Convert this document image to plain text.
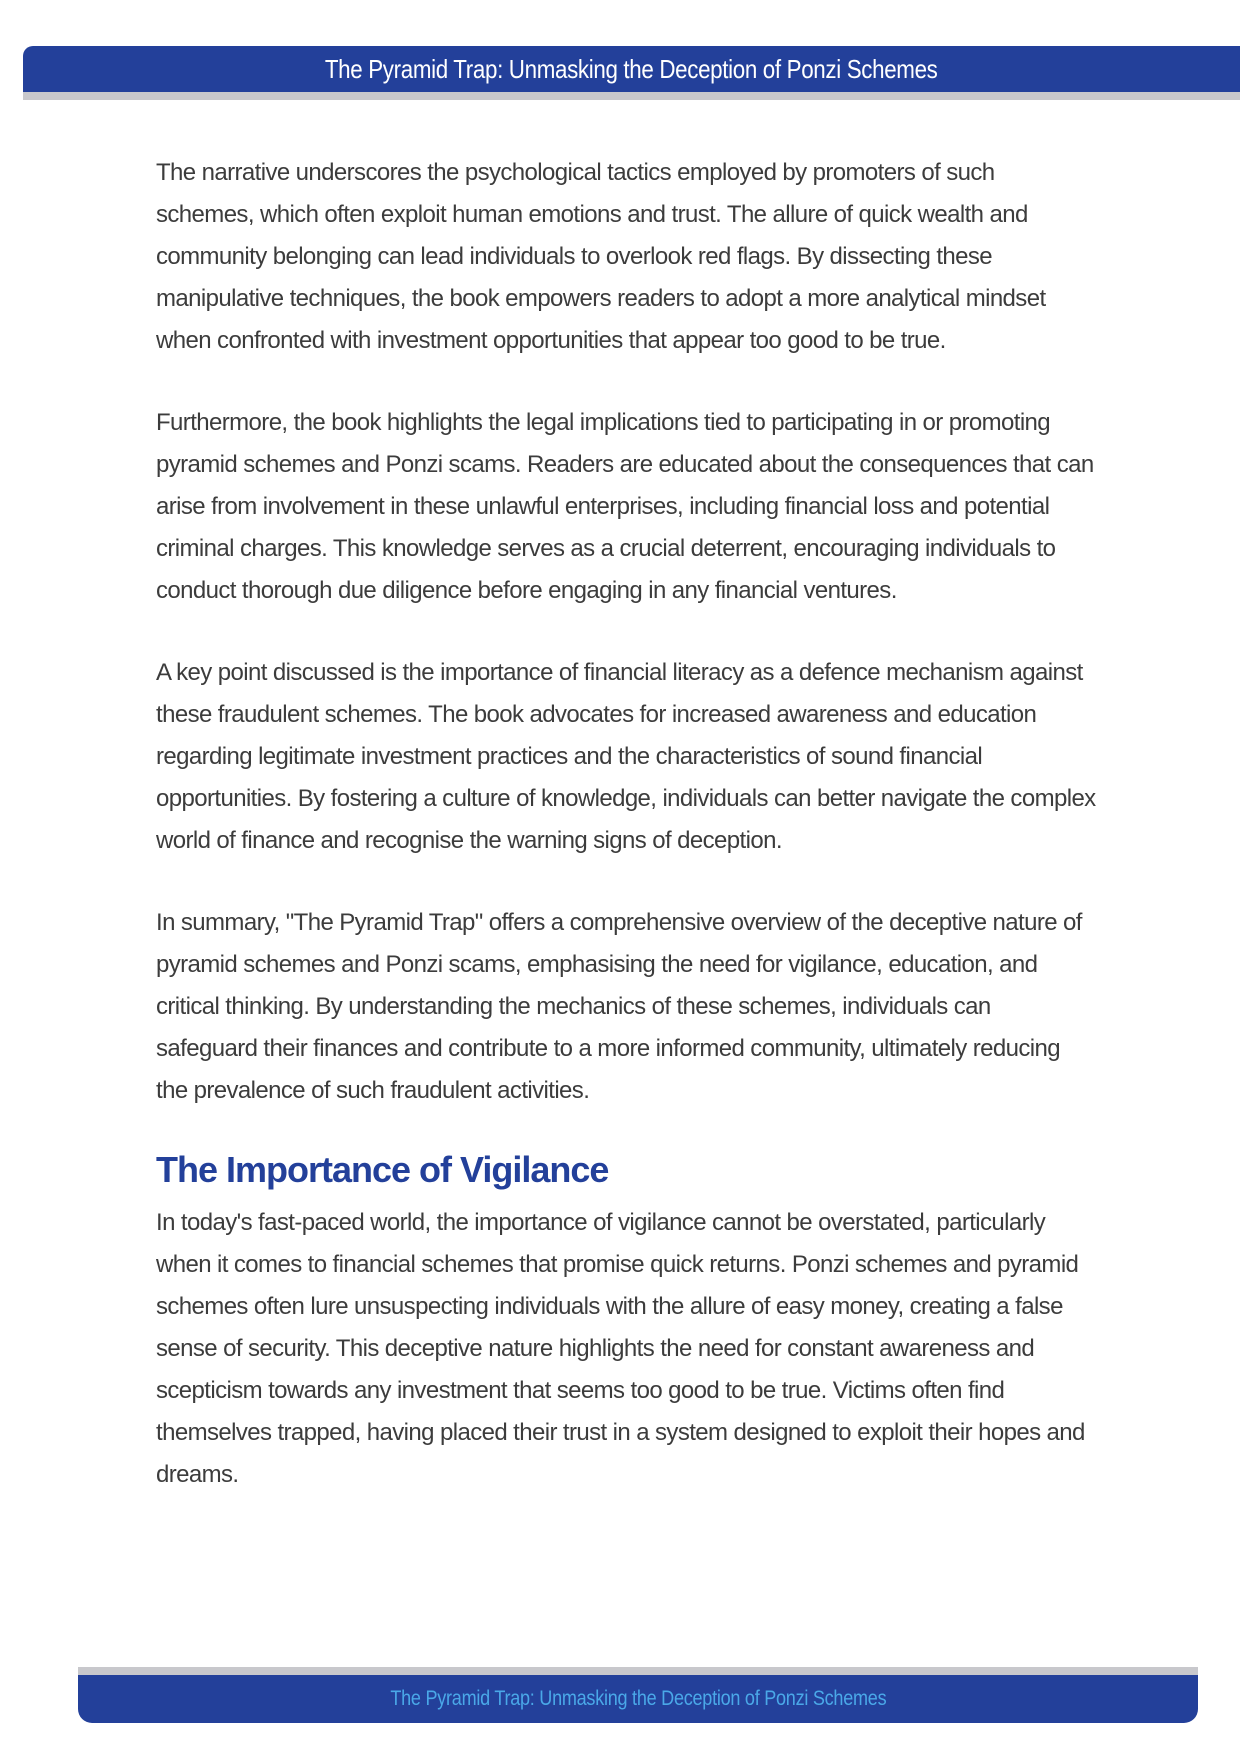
The Pyramid Trap: Unmasking the Deception of Ponzi Schemes

The narrative underscores the psychological tactics employed by promoters of such schemes, which often exploit human emotions and trust. The allure of quick wealth and community belonging can lead individuals to overlook red flags. By dissecting these manipulative techniques, the book empowers readers to adopt a more analytical mindset when confronted with investment opportunities that appear too good to be true.

Furthermore, the book highlights the legal implications tied to participating in or promoting pyramid schemes and Ponzi scams. Readers are educated about the consequences that can arise from involvement in these unlawful enterprises, including financial loss and potential criminal charges. This knowledge serves as a crucial deterrent, encouraging individuals to conduct thorough due diligence before engaging in any financial ventures.

A key point discussed is the importance of financial literacy as a defence mechanism against these fraudulent schemes. The book advocates for increased awareness and education regarding legitimate investment practices and the characteristics of sound financial opportunities. By fostering a culture of knowledge, individuals can better navigate the complex world of finance and recognise the warning signs of deception.

In summary, "The Pyramid Trap" offers a comprehensive overview of the deceptive nature of pyramid schemes and Ponzi scams, emphasising the need for vigilance, education, and critical thinking. By understanding the mechanics of these schemes, individuals can safeguard their finances and contribute to a more informed community, ultimately reducing the prevalence of such fraudulent activities.

The Importance of Vigilance

In today's fast-paced world, the importance of vigilance cannot be overstated, particularly when it comes to financial schemes that promise quick returns. Ponzi schemes and pyramid schemes often lure unsuspecting individuals with the allure of easy money, creating a false sense of security. This deceptive nature highlights the need for constant awareness and scepticism towards any investment that seems too good to be true. Victims often find themselves trapped, having placed their trust in a system designed to exploit their hopes and dreams.

The Pyramid Trap: Unmasking the Deception of Ponzi Schemes
